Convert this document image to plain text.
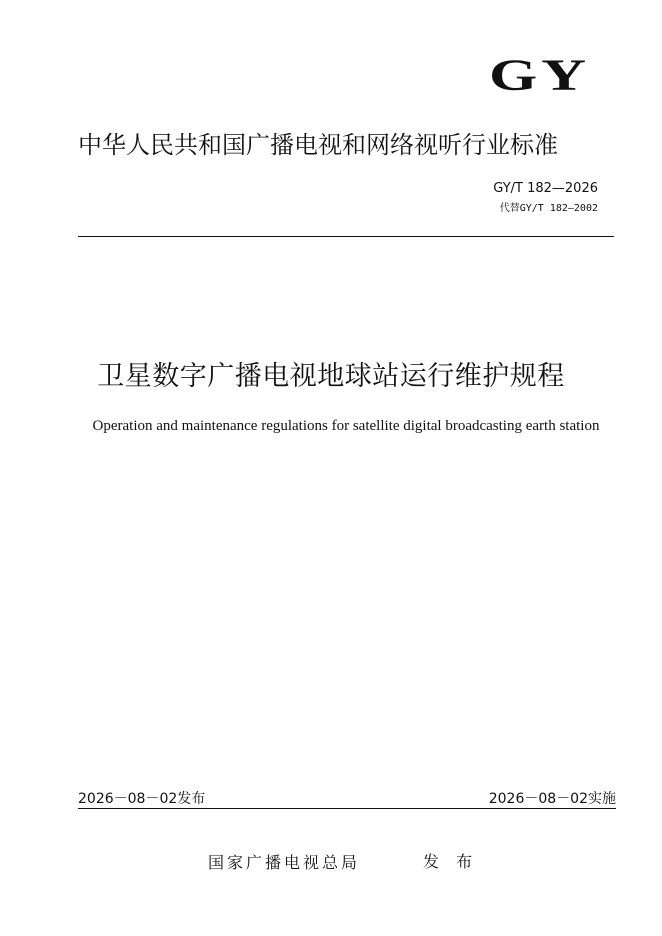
GY
中华人民共和国广播电视和网络视听行业标准
GY/T 182—2026
代替GY/T 182—2002
卫星数字广播电视地球站运行维护规程
Operation and maintenance regulations for satellite digital broadcasting earth station
2026－08－02发布	2026－08－02实施
国家广播电视总局	发 布
